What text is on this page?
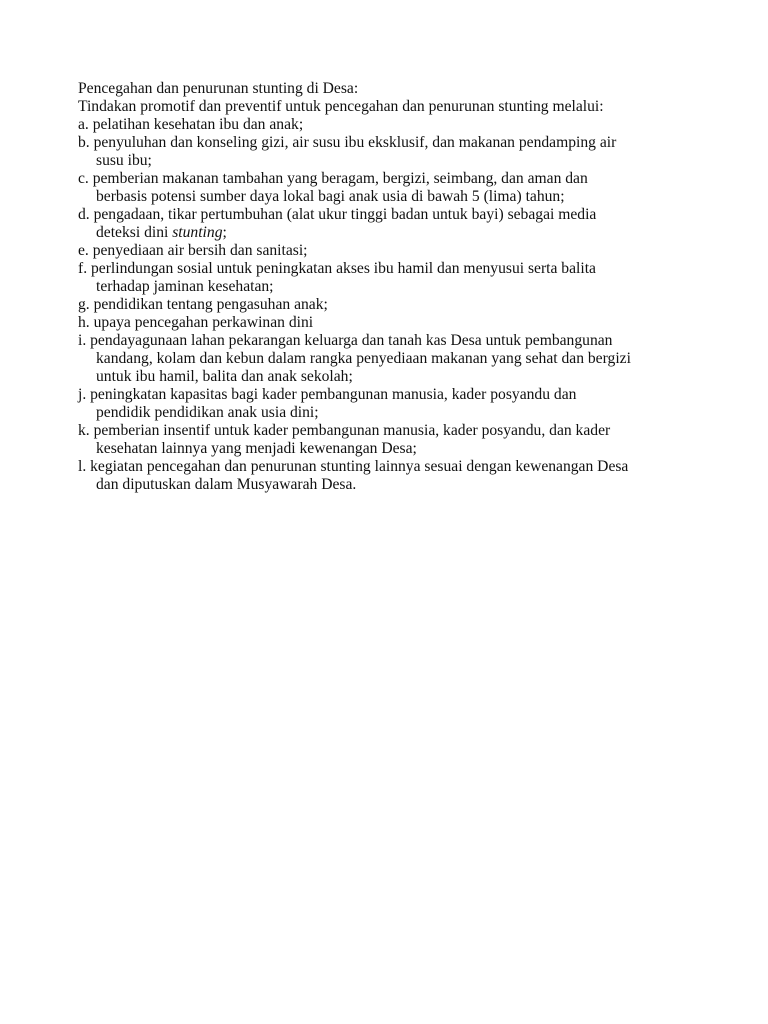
Pencegahan dan penurunan stunting di Desa:

Tindakan promotif dan preventif untuk pencegahan dan penurunan stunting melalui:

a. pelatihan kesehatan ibu dan anak;
b. penyuluhan dan konseling gizi, air susu ibu eksklusif, dan makanan pendamping air
susu ibu;
c. pemberian makanan tambahan yang beragam, bergizi, seimbang, dan aman dan
berbasis potensi sumber daya lokal bagi anak usia di bawah 5 (lima) tahun;
d. pengadaan, tikar pertumbuhan (alat ukur tinggi badan untuk bayi) sebagai media
deteksi dini stunting;
e. penyediaan air bersih dan sanitasi;
f. perlindungan sosial untuk peningkatan akses ibu hamil dan menyusui serta balita
terhadap jaminan kesehatan;
g. pendidikan tentang pengasuhan anak;
h. upaya pencegahan perkawinan dini
i. pendayagunaan lahan pekarangan keluarga dan tanah kas Desa untuk pembangunan
kandang, kolam dan kebun dalam rangka penyediaan makanan yang sehat dan bergizi
untuk ibu hamil, balita dan anak sekolah;
j. peningkatan kapasitas bagi kader pembangunan manusia, kader posyandu dan
pendidik pendidikan anak usia dini;
k. pemberian insentif untuk kader pembangunan manusia, kader posyandu, dan kader
kesehatan lainnya yang menjadi kewenangan Desa;
l. kegiatan pencegahan dan penurunan stunting lainnya sesuai dengan kewenangan Desa
dan diputuskan dalam Musyawarah Desa.
